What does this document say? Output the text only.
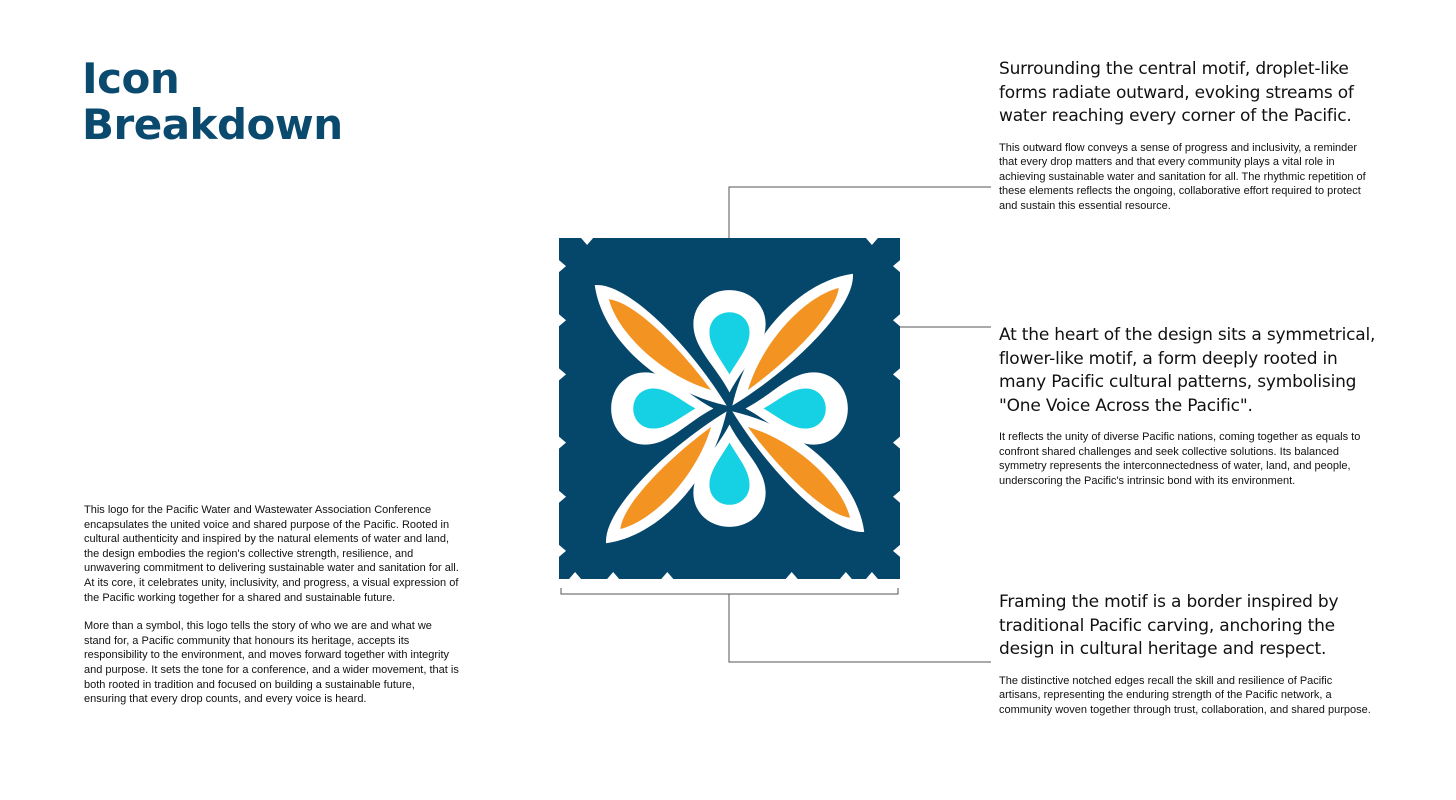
Icon
Breakdown

This logo for the Pacific Water and Wastewater Association Conference encapsulates the united voice and shared purpose of the Pacific. Rooted in cultural authenticity and inspired by the natural elements of water and land, the design embodies the region's collective strength, resilience, and unwavering commitment to delivering sustainable water and sanitation for all. At its core, it celebrates unity, inclusivity, and progress, a visual expression of the Pacific working together for a shared and sustainable future.

More than a symbol, this logo tells the story of who we are and what we stand for, a Pacific community that honours its heritage, accepts its responsibility to the environment, and moves forward together with integrity and purpose. It sets the tone for a conference, and a wider movement, that is both rooted in tradition and focused on building a sustainable future, ensuring that every drop counts, and every voice is heard.

Surrounding the central motif, droplet-like forms radiate outward, evoking streams of water reaching every corner of the Pacific.

This outward flow conveys a sense of progress and inclusivity, a reminder that every drop matters and that every community plays a vital role in achieving sustainable water and sanitation for all. The rhythmic repetition of these elements reflects the ongoing, collaborative effort required to protect and sustain this essential resource.

At the heart of the design sits a symmetrical, flower-like motif, a form deeply rooted in many Pacific cultural patterns, symbolising "One Voice Across the Pacific".

It reflects the unity of diverse Pacific nations, coming together as equals to confront shared challenges and seek collective solutions. Its balanced symmetry represents the interconnectedness of water, land, and people, underscoring the Pacific's intrinsic bond with its environment.

Framing the motif is a border inspired by traditional Pacific carving, anchoring the design in cultural heritage and respect.

The distinctive notched edges recall the skill and resilience of Pacific artisans, representing the enduring strength of the Pacific network, a community woven together through trust, collaboration, and shared purpose.
